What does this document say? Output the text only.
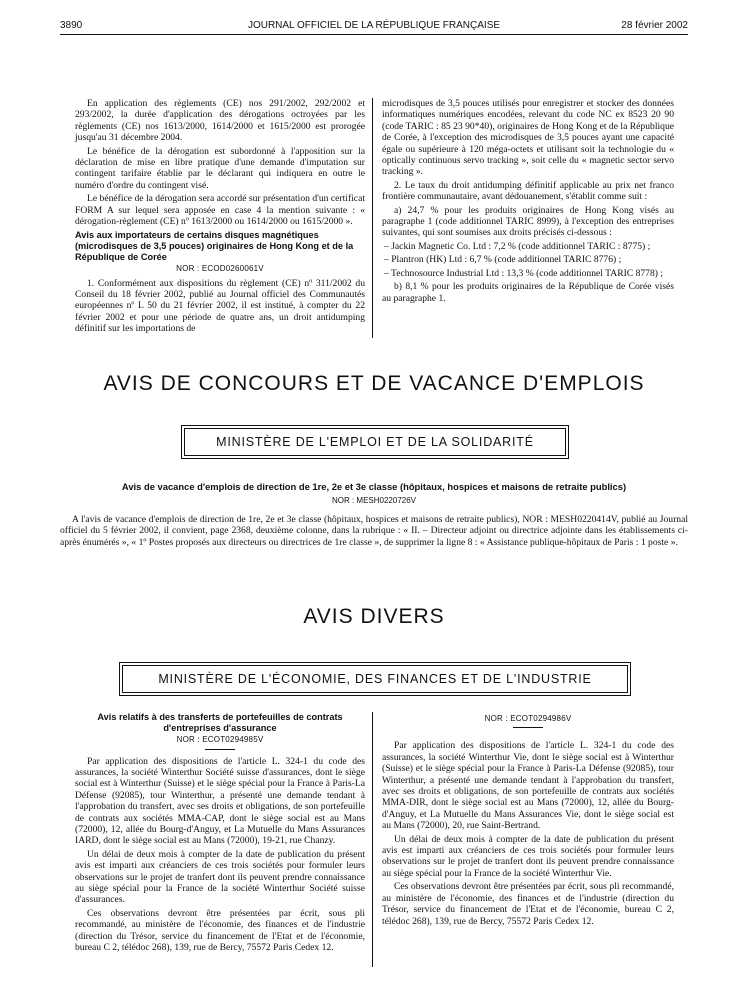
3890	JOURNAL OFFICIEL DE LA RÉPUBLIQUE FRANÇAISE	28 février 2002

En application des règlements (CE) nos 291/2002, 292/2002 et 293/2002, la durée d'application des dérogations octroyées par les règlements (CE) nos 1613/2000, 1614/2000 et 1615/2000 est prorogée jusqu'au 31 décembre 2004.

Le bénéfice de la dérogation est subordonné à l'apposition sur la déclaration de mise en libre pratique d'une demande d'imputation sur contingent tarifaire établie par le déclarant qui indiquera en outre le numéro d'ordre du contingent visé.

Le bénéfice de la dérogation sera accordé sur présentation d'un certificat FORM A sur lequel sera apposée en case 4 la mention suivante : « dérogation-règlement (CE) nº 1613/2000 ou 1614/2000 ou 1615/2000 ».

Avis aux importateurs de certains disques magnétiques (microdisques de 3,5 pouces) originaires de Hong Kong et de la République de Corée
NOR : ECOD0260061V

1. Conformément aux dispositions du règlement (CE) nº 311/2002 du Conseil du 18 février 2002, publié au Journal officiel des Communautés européennes nº L 50 du 21 février 2002, il est institué, à compter du 22 février 2002 et pour une période de quatre ans, un droit antidumping définitif sur les importations de

microdisques de 3,5 pouces utilisés pour enregistrer et stocker des données informatiques numériques encodées, relevant du code NC ex 8523 20 90 (code TARIC : 85 23 90*40), originaires de Hong Kong et de la République de Corée, à l'exception des microdisques de 3,5 pouces ayant une capacité égale ou supérieure à 120 méga-octets et utilisant soit la technologie du « optically continuous servo tracking », soit celle du « magnetic sector servo tracking ».

2. Le taux du droit antidumping définitif applicable au prix net franco frontière communautaire, avant dédouanement, s'établit comme suit :

a) 24,7 % pour les produits originaires de Hong Kong visés au paragraphe 1 (code additionnel TARIC 8999), à l'exception des entreprises suivantes, qui sont soumises aux droits précisés ci-dessous :

– Jackin Magnetic Co. Ltd : 7,2 % (code additionnel TARIC : 8775) ;

– Plantron (HK) Ltd : 6,7 % (code additionnel TARIC 8776) ;

– Technosource Industrial Ltd : 13,3 % (code additionnel TARIC 8778) ;

b) 8,1 % pour les produits originaires de la République de Corée visés au paragraphe 1.

AVIS DE CONCOURS ET DE VACANCE D'EMPLOIS
MINISTÈRE DE L'EMPLOI ET DE LA SOLIDARITÉ
Avis de vacance d'emplois de direction de 1re, 2e et 3e classe (hôpitaux, hospices et maisons de retraite publics)
NOR : MESH0220726V

A l'avis de vacance d'emplois de direction de 1re, 2e et 3e classe (hôpitaux, hospices et maisons de retraite publics), NOR : MESH0220414V, publié au Journal officiel du 5 février 2002, il convient, page 2368, deuxième colonne, dans la rubrique : « II. – Directeur adjoint ou directrice adjointe dans les établissements ci-après énumérés », « 1º Postes proposés aux directeurs ou directrices de 1re classe », de supprimer la ligne 8 : « Assistance publique-hôpitaux de Paris : 1 poste ».

AVIS DIVERS
MINISTÈRE DE L'ÉCONOMIE, DES FINANCES ET DE L'INDUSTRIE
Avis relatifs à des transferts de portefeuilles de contrats d'entreprises d'assurance
NOR : ECOT0294985V

Par application des dispositions de l'article L. 324-1 du code des assurances, la société Winterthur Société suisse d'assurances, dont le siège social est à Winterthur (Suisse) et le siège spécial pour la France à Paris-La Défense (92085), tour Winterthur, a présenté une demande tendant à l'approbation du transfert, avec ses droits et obligations, de son portefeuille de contrats aux sociétés MMA-CAP, dont le siège social est au Mans (72000), 12, allée du Bourg-d'Anguy, et La Mutuelle du Mans Assurances IARD, dont le siège social est au Mans (72000), 19-21, rue Chanzy.

Un délai de deux mois à compter de la date de publication du présent avis est imparti aux créanciers de ces trois sociétés pour formuler leurs observations sur le projet de tranfert dont ils peuvent prendre connaissance au siège spécial pour la France de la société Winterthur Société suisse d'assurances.

Ces observations devront être présentées par écrit, sous pli recommandé, au ministère de l'économie, des finances et de l'industrie (direction du Trésor, service du financement de l'Etat et de l'économie, bureau C 2, télédoc 268), 139, rue de Bercy, 75572 Paris Cedex 12.

NOR : ECOT0294986V

Par application des dispositions de l'article L. 324-1 du code des assurances, la société Winterthur Vie, dont le siège social est à Winterthur (Suisse) et le siège spécial pour la France à Paris-La Défense (92085), tour Winterthur, a présenté une demande tendant à l'approbation du transfert, avec ses droits et obligations, de son portefeuille de contrats aux sociétés MMA-DIR, dont le siège social est au Mans (72000), 12, allée du Bourg-d'Anguy, et La Mutuelle du Mans Assurances Vie, dont le siège social est au Mans (72000), 20, rue Saint-Bertrand.

Un délai de deux mois à compter de la date de publication du présent avis est imparti aux créanciers de ces trois sociétés pour formuler leurs observations sur le projet de tranfert dont ils peuvent prendre connaissance au siège spécial pour la France de la société Winterthur Vie.

Ces observations devront être présentées par écrit, sous pli recommandé, au ministère de l'économie, des finances et de l'industrie (direction du Trésor, service du financement de l'Etat et de l'économie, bureau C 2, télédoc 268), 139, rue de Bercy, 75572 Paris Cedex 12.
